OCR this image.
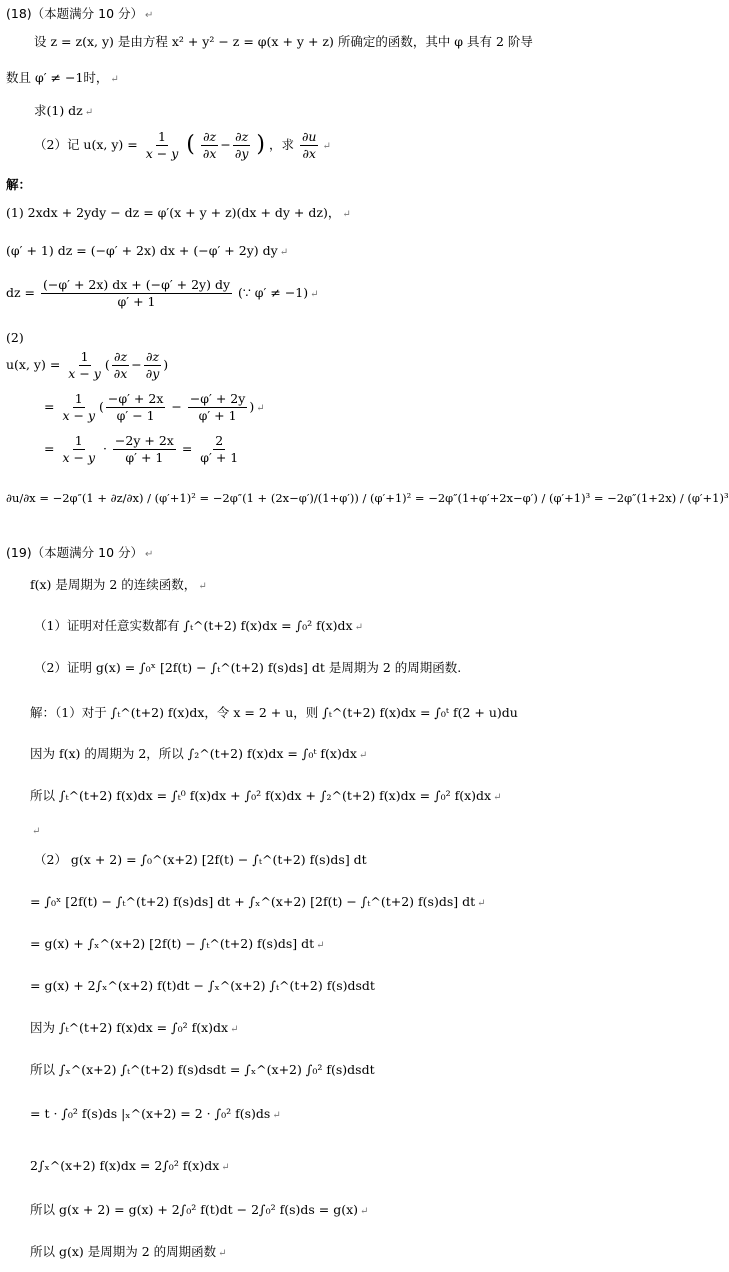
(18)（本题满分 10 分） ↵
设 z = z(x, y) 是由方程 x² + y² − z = φ(x + y + z) 所确定的函数，其中 φ 具有 2 阶导
数且 φ′ ≠ −1时， ↵
求(1) dz ↵
（2）记 u(x, $y) = \frac{1}{x - y}$ ( $\frac{\partial z}{\partial x} - \frac{\partial z}{\partial y}$ ) ，求 $\frac{\partial u}{\partial x}$ ↵
解：
(1) 2xdx + 2ydy − dz = φ′(x + y + z)(dx + dy + dz)， ↵
(φ′ + 1) dz = (−φ′ + 2x) dx + (−φ′ + 2y) dy ↵
dz = $\frac{(-\varphi' + 2x) dx + (-\varphi' + 2y) dy}{\varphi' + 1}$ (∵ φ′ ≠ −1) ↵
(2)
u(x, $y) = \frac{1}{x - y}$ ( $\frac{\partial z}{\partial x} - \frac{\partial z}{\partial y}$ )
= $\frac{1}{x - y}$ ( $\frac{-\varphi' + 2x}{\varphi' - 1} - \frac{-\varphi' + 2y}{\varphi' + 1}$ ) ↵
= $\frac{1}{x - y} \cdot \frac{-2y + 2x}{\varphi' + 1} = \frac{2}{\varphi' + 1}$
∂u/∂x = −2φ″(1 + ∂z/∂x) / (φ′+1)² = −2φ″(1 + (2x−φ′)/(1+φ′)) / (φ′+1)² = −2φ″(1+φ′+2x−φ′) / (φ′+1)³ = −2φ″(1+2x) / (φ′+1)³
(19)（本题满分 10 分） ↵
f(x) 是周期为 2 的连续函数， ↵
（1）证明对任意实数都有 ∫ₜ^(t+2) f(x)dx = ∫₀² f(x)dx ↵
（2）证明 g(x) = ∫₀ˣ [2f(t) − ∫ₜ^(t+2) f(s)ds] dt 是周期为 2 的周期函数.
解：（1）对于 ∫ₜ^(t+2) f(x)dx，令 x = 2 + u，则 ∫ₜ^(t+2) f(x)dx = ∫₀ᵗ f(2 + u)du
因为 f(x) 的周期为 2，所以 ∫₂^(t+2) f(x)dx = ∫₀ᵗ f(x)dx ↵
所以 ∫ₜ^(t+2) f(x)dx = ∫ₜ⁰ f(x)dx + ∫₀² f(x)dx + ∫₂^(t+2) f(x)dx = ∫₀² f(x)dx ↵
↵
（2） g(x + 2) = ∫₀^(x+2) [2f(t) − ∫ₜ^(t+2) f(s)ds] dt
= ∫₀ˣ [2f(t) − ∫ₜ^(t+2) f(s)ds] dt + ∫ₓ^(x+2) [2f(t) − ∫ₜ^(t+2) f(s)ds] dt ↵
= g(x) + ∫ₓ^(x+2) [2f(t) − ∫ₜ^(t+2) f(s)ds] dt ↵
= g(x) + 2∫ₓ^(x+2) f(t)dt − ∫ₓ^(x+2) ∫ₜ^(t+2) f(s)dsdt
因为 ∫ₜ^(t+2) f(x)dx = ∫₀² f(x)dx ↵
所以 ∫ₓ^(x+2) ∫ₜ^(t+2) f(s)dsdt = ∫ₓ^(x+2) ∫₀² f(s)dsdt
= t · ∫₀² f(s)ds |ₓ^(x+2) = 2 · ∫₀² f(s)ds ↵
2∫ₓ^(x+2) f(x)dx = 2∫₀² f(x)dx ↵
所以 g(x + 2) = g(x) + 2∫₀² f(t)dt − 2∫₀² f(s)ds = g(x) ↵
所以 g(x) 是周期为 2 的周期函数 ↵
